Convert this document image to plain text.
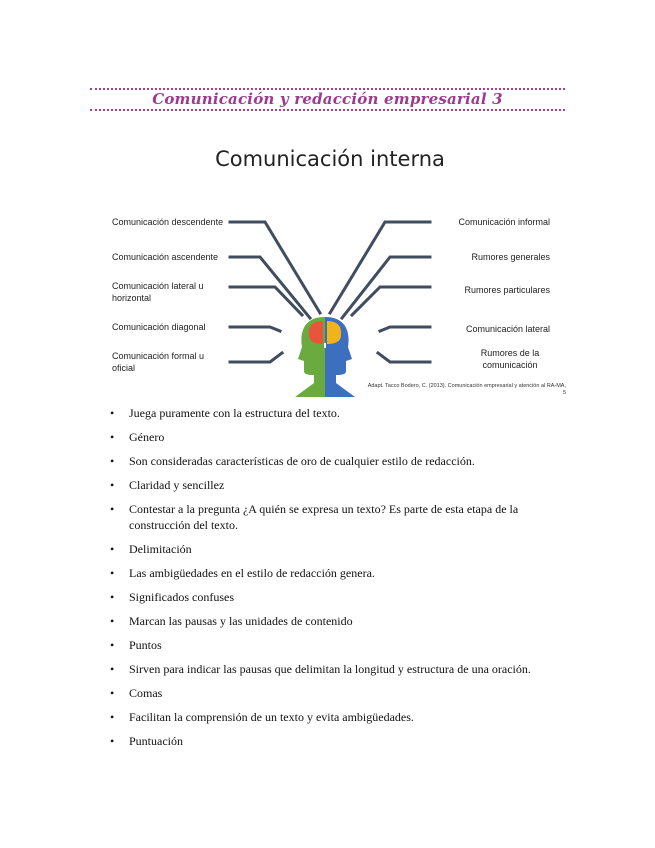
Comunicación y redacción empresarial 3
Comunicación interna
Comunicación descendente
Comunicación ascendente
Comunicación lateral u horizontal
Comunicación diagonal
Comunicación formal u oficial
Comunicación informal
Rumores generales
Rumores particulares
Comunicación lateral
Rumores de la comunicación
Adapt. Tacco Bodero, C. (2013). Comunicación empresarial y atención al RA-MA, 5
• Juega puramente con la estructura del texto.
• Género
• Son consideradas características de oro de cualquier estilo de redacción.
• Claridad y sencillez
• Contestar a la pregunta ¿A quién se expresa un texto? Es parte de esta etapa de la construcción del texto.
• Delimitación
• Las ambigüedades en el estilo de redacción genera.
• Significados confuses
• Marcan las pausas y las unidades de contenido
• Puntos
• Sirven para indicar las pausas que delimitan la longitud y estructura de una oración.
• Comas
• Facilitan la comprensión de un texto y evita ambigüedades.
• Puntuación
